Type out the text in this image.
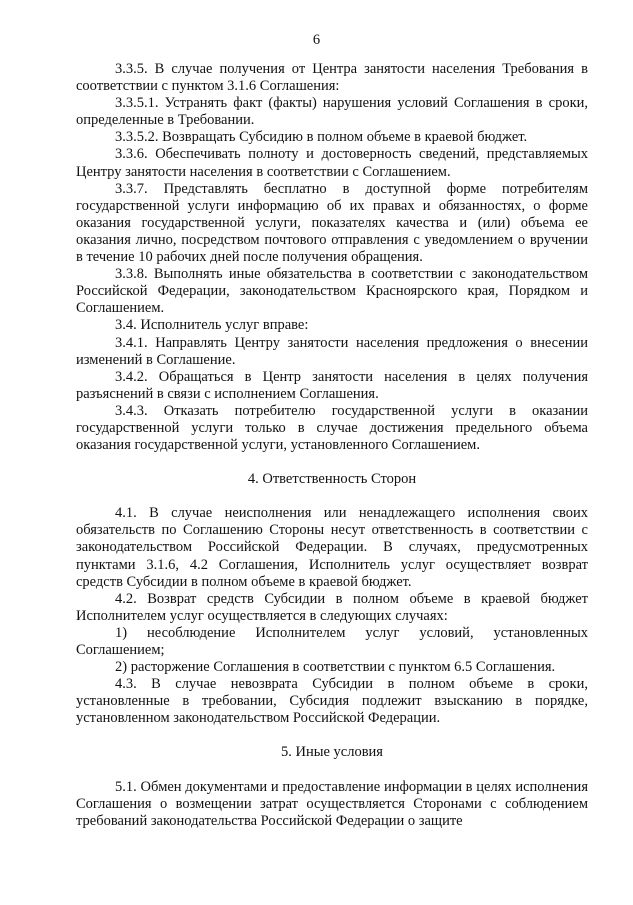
6

3.3.5. В случае получения от Центра занятости населения Требования в соответствии с пунктом 3.1.6 Соглашения:

3.3.5.1. Устранять факт (факты) нарушения условий Соглашения в сроки, определенные в Требовании.

3.3.5.2. Возвращать Субсидию в полном объеме в краевой бюджет.

3.3.6. Обеспечивать полноту и достоверность сведений, представляемых Центру занятости населения в соответствии с Соглашением.

3.3.7. Представлять бесплатно в доступной форме потребителям государственной услуги информацию об их правах и обязанностях, о форме оказания государственной услуги, показателях качества и (или) объема ее оказания лично, посредством почтового отправления с уведомлением о вручении в течение 10 рабочих дней после получения обращения.

3.3.8. Выполнять иные обязательства в соответствии с законодательством Российской Федерации, законодательством Красноярского края, Порядком и Соглашением.

3.4. Исполнитель услуг вправе:

3.4.1. Направлять Центру занятости населения предложения о внесении изменений в Соглашение.

3.4.2. Обращаться в Центр занятости населения в целях получения разъяснений в связи с исполнением Соглашения.

3.4.3. Отказать потребителю государственной услуги в оказании государственной услуги только в случае достижения предельного объема оказания государственной услуги, установленного Соглашением.

4. Ответственность Сторон

4.1. В случае неисполнения или ненадлежащего исполнения своих обязательств по Соглашению Стороны несут ответственность в соответствии с законодательством Российской Федерации. В случаях, предусмотренных пунктами 3.1.6, 4.2 Соглашения, Исполнитель услуг осуществляет возврат средств Субсидии в полном объеме в краевой бюджет.

4.2. Возврат средств Субсидии в полном объеме в краевой бюджет Исполнителем услуг осуществляется в следующих случаях:

1) несоблюдение Исполнителем услуг условий, установленных Соглашением;

2) расторжение Соглашения в соответствии с пунктом 6.5 Соглашения.

4.3. В случае невозврата Субсидии в полном объеме в сроки, установленные в требовании, Субсидия подлежит взысканию в порядке, установленном законодательством Российской Федерации.

5. Иные условия

5.1. Обмен документами и предоставление информации в целях исполнения Соглашения о возмещении затрат осуществляется Сторонами с соблюдением требований законодательства Российской Федерации о защите
